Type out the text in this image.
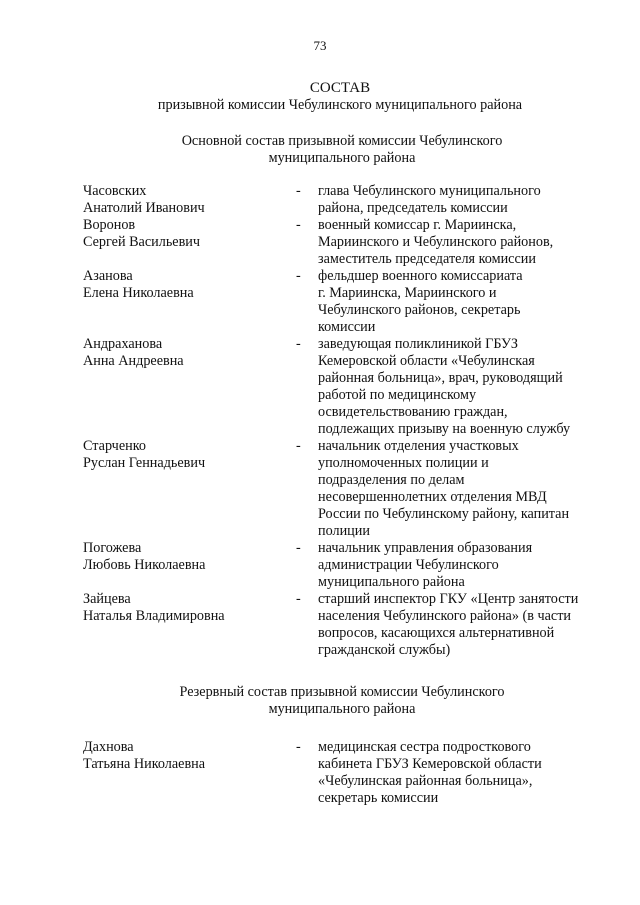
73
СОСТАВ
призывной комиссии Чебулинского муниципального района
Основной состав призывной комиссии Чебулинского
муниципального района
Часовских
Анатолий Иванович
- глава Чебулинского муниципального
района, председатель комиссии
Воронов
Сергей Васильевич
- военный комиссар г. Мариинска,
Мариинского и Чебулинского районов,
заместитель председателя комиссии
Азанова
Елена Николаевна
- фельдшер военного комиссариата
г. Мариинска, Мариинского и
Чебулинского районов, секретарь
комиссии
Андраханова
Анна Андреевна
- заведующая поликлиникой ГБУЗ
Кемеровской области «Чебулинская
районная больница», врач, руководящий
работой по медицинскому
освидетельствованию граждан,
подлежащих призыву на военную службу
Старченко
Руслан Геннадьевич
- начальник отделения участковых
уполномоченных полиции и
подразделения по делам
несовершеннолетних отделения МВД
России по Чебулинскому району, капитан
полиции
Погожева
Любовь Николаевна
- начальник управления образования
администрации Чебулинского
муниципального района
Зайцева
Наталья Владимировна
- старший инспектор ГКУ «Центр занятости
населения Чебулинского района» (в части
вопросов, касающихся альтернативной
гражданской службы)
Резервный состав призывной комиссии Чебулинского
муниципального района
Дахнова
Татьяна Николаевна
- медицинская сестра подросткового
кабинета ГБУЗ Кемеровской области
«Чебулинская районная больница»,
секретарь комиссии
